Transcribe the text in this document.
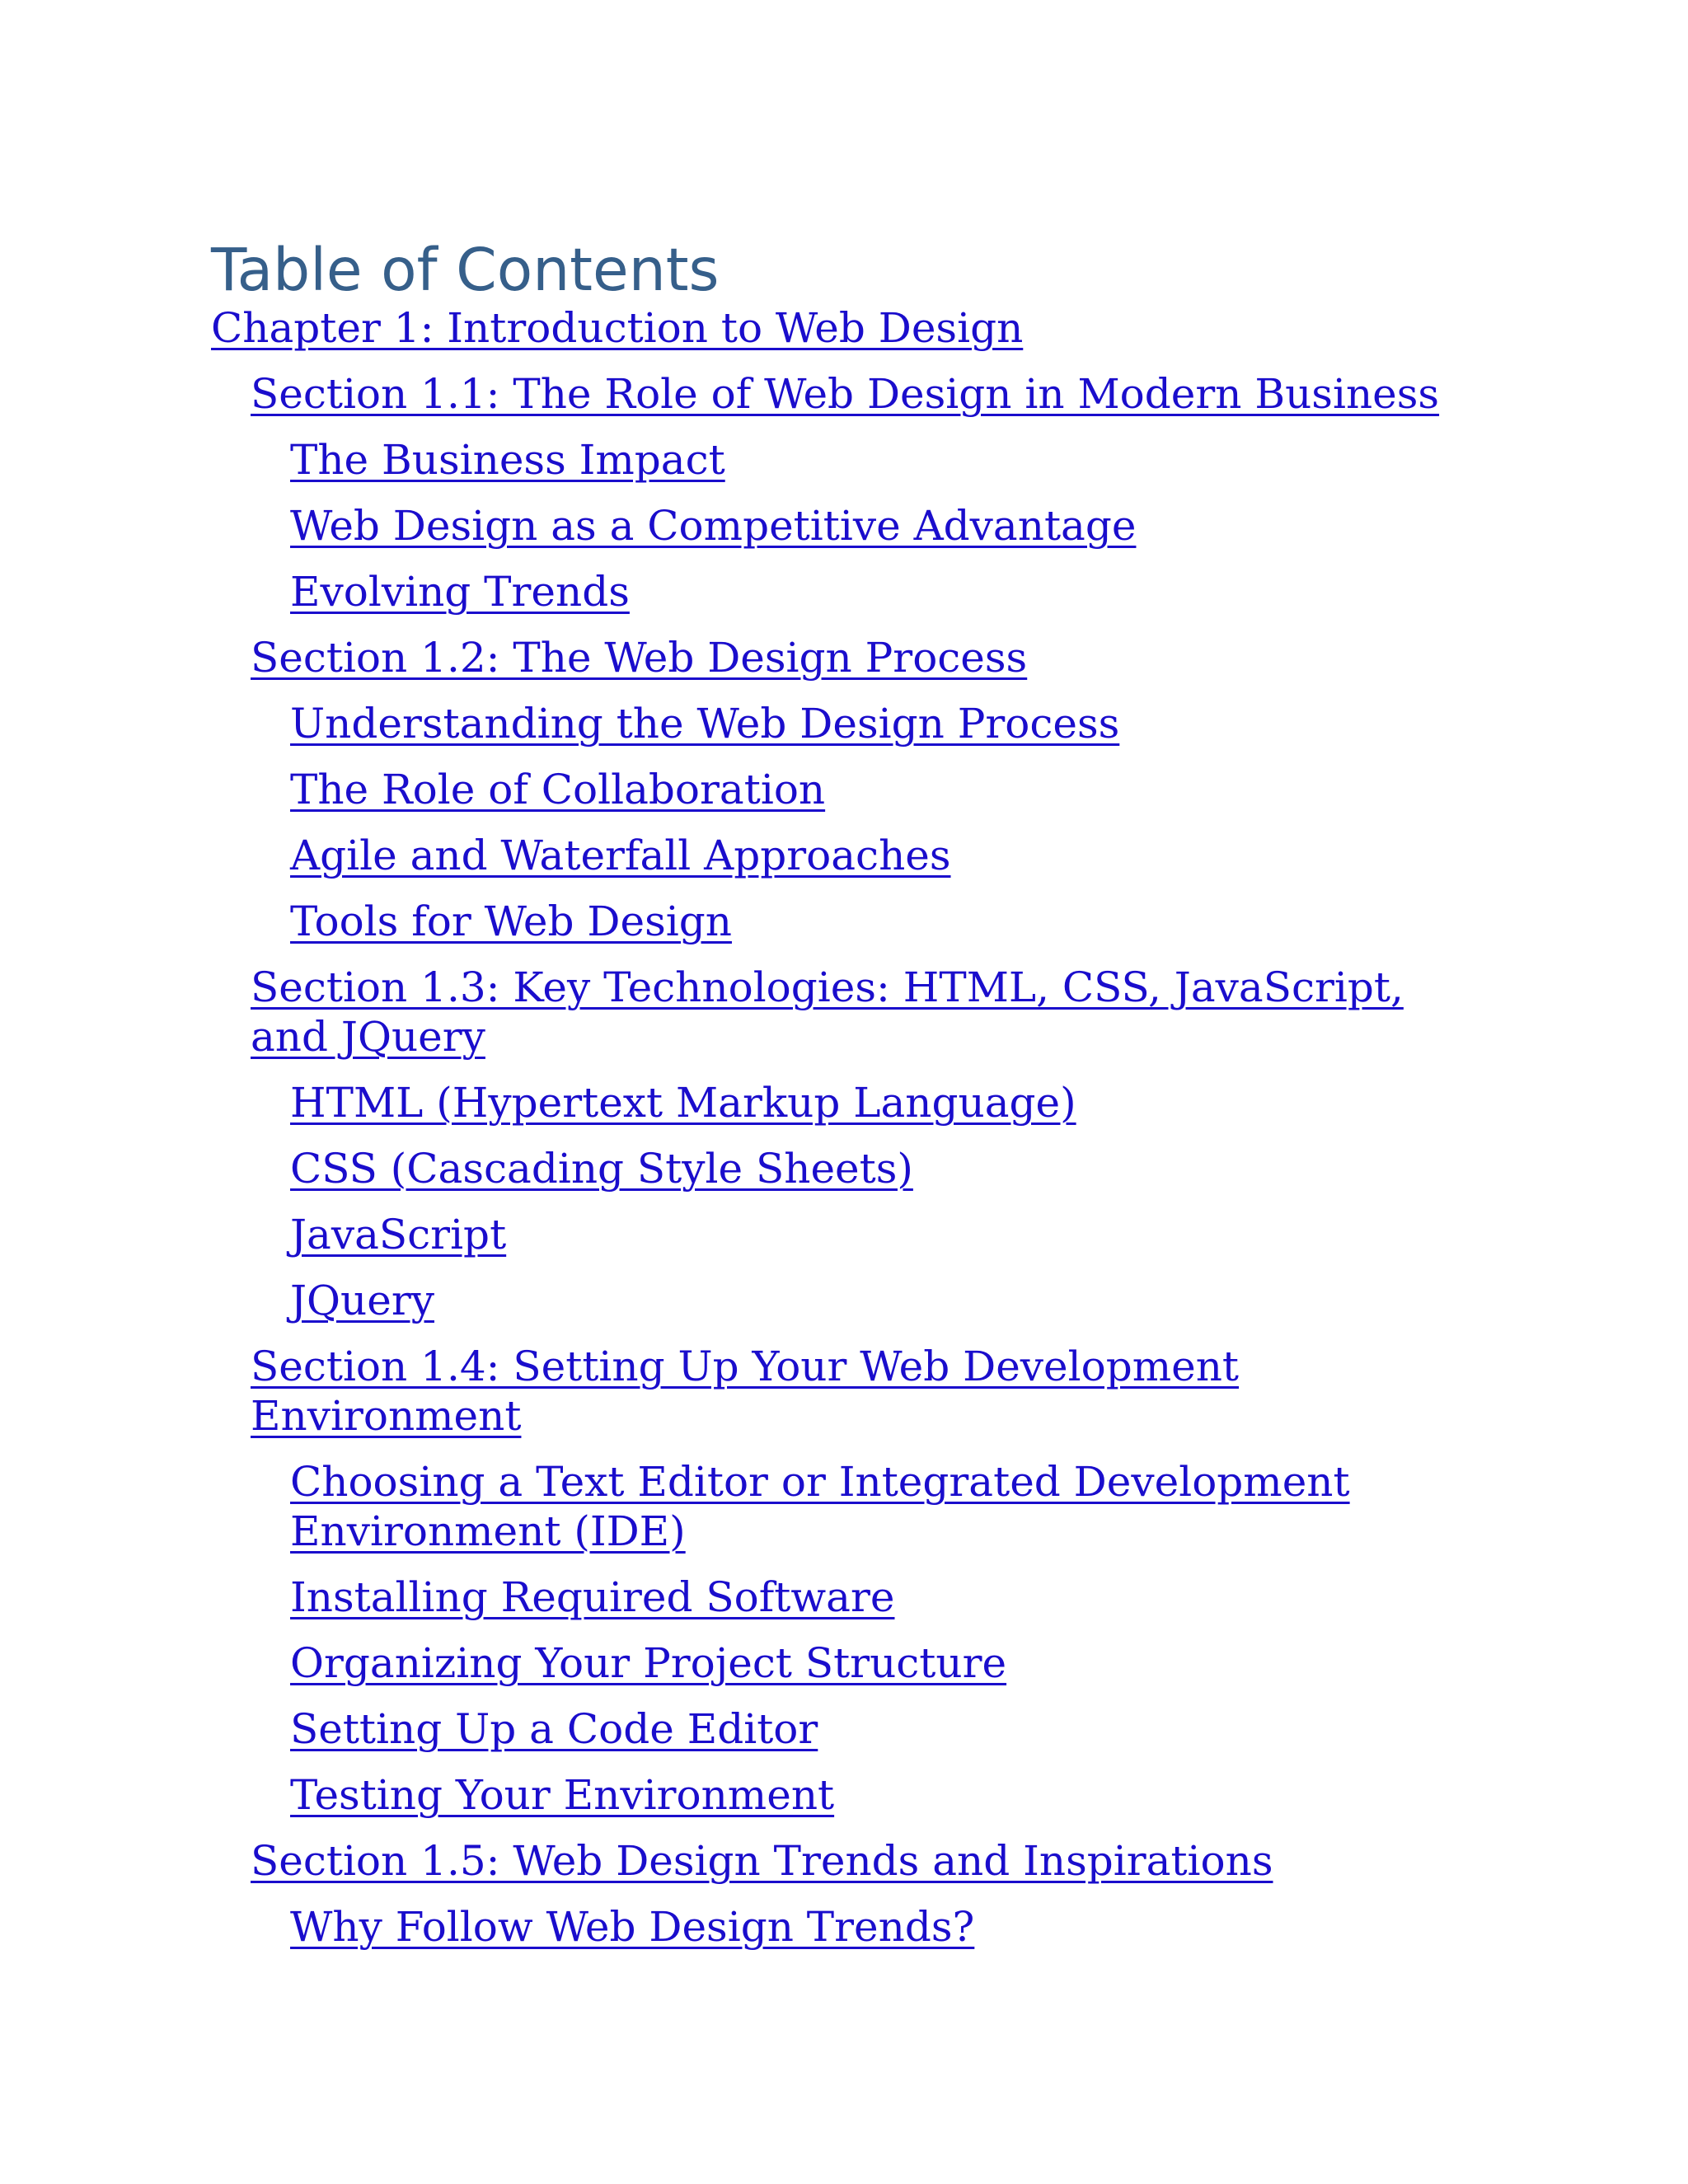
Table of Contents
Chapter 1: Introduction to Web Design
Section 1.1: The Role of Web Design in Modern Business
The Business Impact
Web Design as a Competitive Advantage
Evolving Trends
Section 1.2: The Web Design Process
Understanding the Web Design Process
The Role of Collaboration
Agile and Waterfall Approaches
Tools for Web Design
Section 1.3: Key Technologies: HTML, CSS, JavaScript, and JQuery
HTML (Hypertext Markup Language)
CSS (Cascading Style Sheets)
JavaScript
JQuery
Section 1.4: Setting Up Your Web Development Environment
Choosing a Text Editor or Integrated Development Environment (IDE)
Installing Required Software
Organizing Your Project Structure
Setting Up a Code Editor
Testing Your Environment
Section 1.5: Web Design Trends and Inspirations
Why Follow Web Design Trends?
